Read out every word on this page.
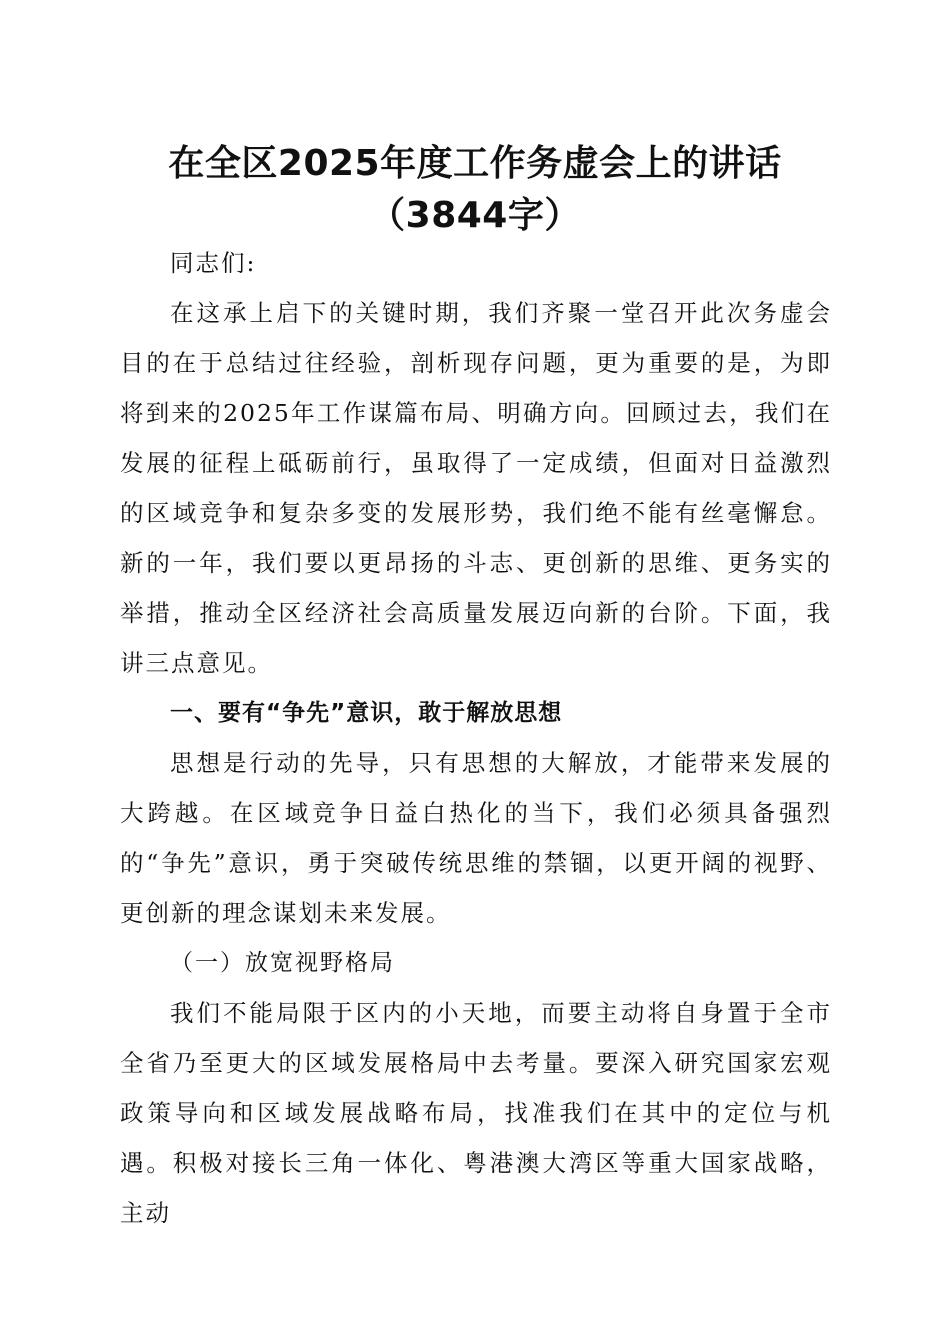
在全区2025年度工作务虚会上的讲话（3844字）

同志们:

在这承上启下的关键时期，我们齐聚一堂召开此次务虚会目的在于总结过往经验，剖析现存问题，更为重要的是，为即将到来的2025年工作谋篇布局、明确方向。回顾过去，我们在发展的征程上砥砺前行，虽取得了一定成绩，但面对日益激烈的区域竞争和复杂多变的发展形势，我们绝不能有丝毫懈怠。新的一年，我们要以更昂扬的斗志、更创新的思维、更务实的举措，推动全区经济社会高质量发展迈向新的台阶。下面，我讲三点意见。

一、要有“争先”意识，敢于解放思想

思想是行动的先导，只有思想的大解放，才能带来发展的大跨越。在区域竞争日益白热化的当下，我们必须具备强烈的“争先”意识，勇于突破传统思维的禁锢，以更开阔的视野、更创新的理念谋划未来发展。

（一）放宽视野格局

我们不能局限于区内的小天地，而要主动将自身置于全市全省乃至更大的区域发展格局中去考量。要深入研究国家宏观政策导向和区域发展战略布局，找准我们在其中的定位与机遇。积极对接长三角一体化、粤港澳大湾区等重大国家战略，主动
